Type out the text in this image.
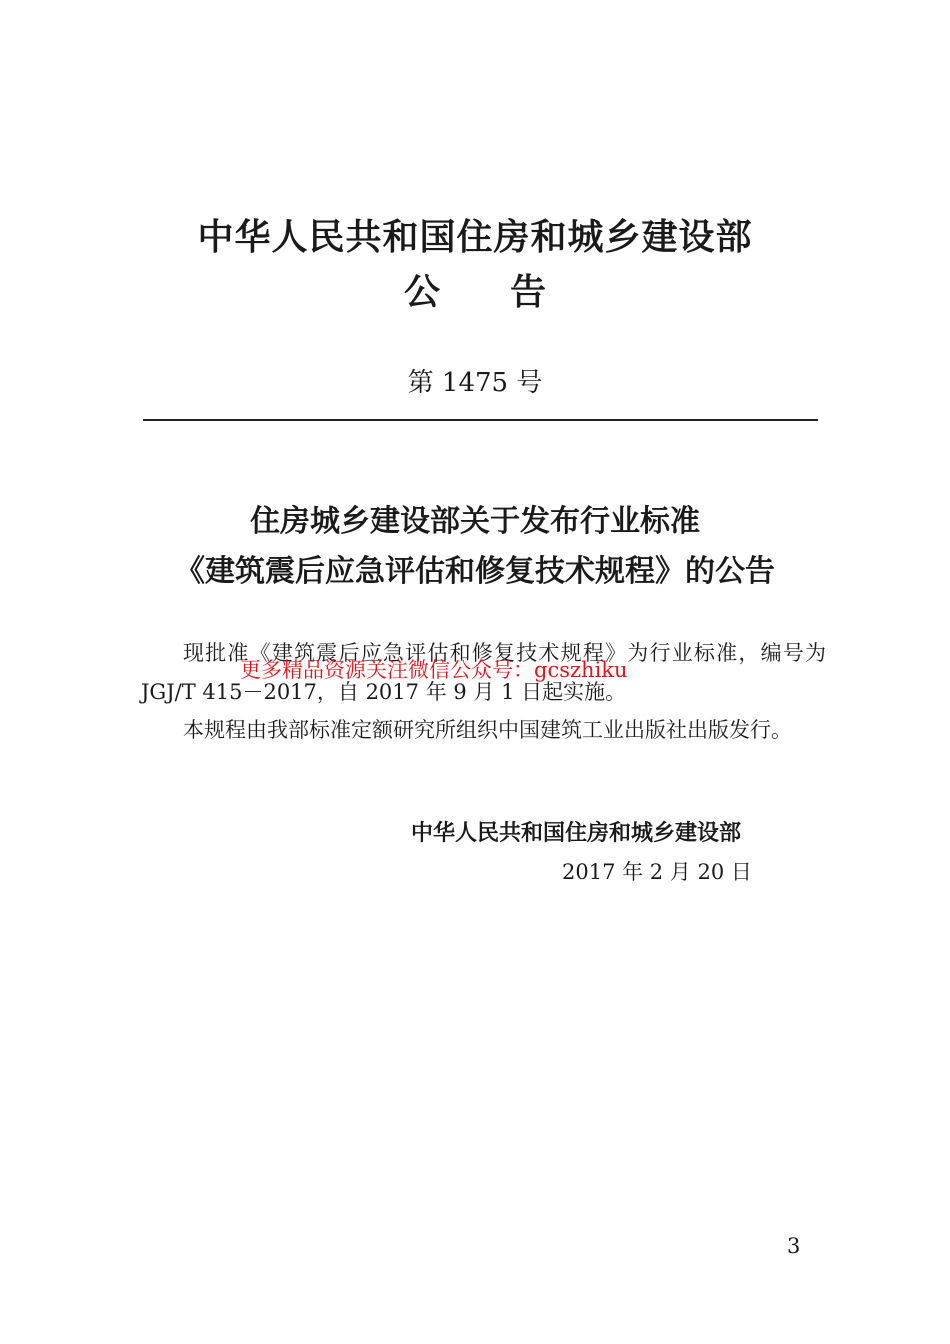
中华人民共和国住房和城乡建设部
公告
第 1475 号
住房城乡建设部关于发布行业标准
《建筑震后应急评估和修复技术规程》的公告

现批准《建筑震后应急评估和修复技术规程》为行业标准，编号为 JGJ/T 415－2017，自 2017 年 9 月 1 日起实施。

本规程由我部标准定额研究所组织中国建筑工业出版社出版发行。

更多精品资源关注微信公众号：gcszhiku
中华人民共和国住房和城乡建设部
2017 年 2 月 20 日
3
